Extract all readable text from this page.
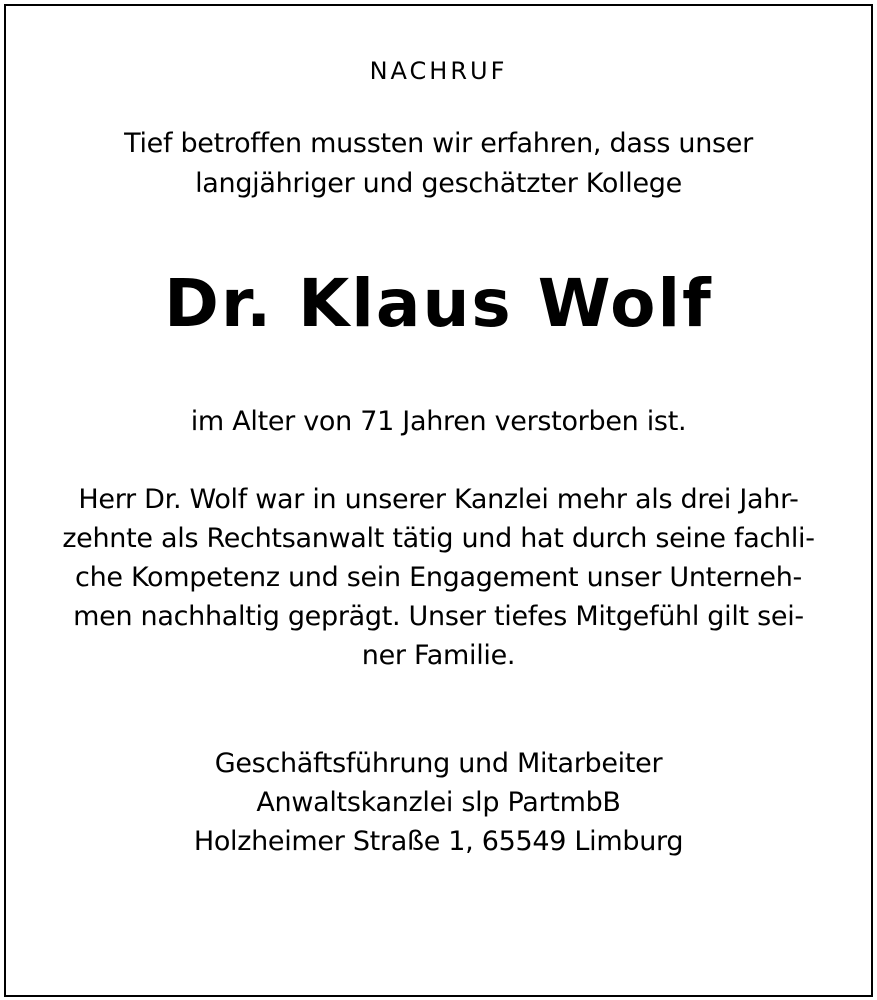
NACHRUF
Tief betroffen mussten wir erfahren, dass unser
langjähriger und geschätzter Kollege
Dr. Klaus Wolf
im Alter von 71 Jahren verstorben ist.
Herr Dr. Wolf war in unserer Kanzlei mehr als drei Jahr-
zehnte als Rechtsanwalt tätig und hat durch seine fachli-
che Kompetenz und sein Engagement unser Unterneh-
men nachhaltig geprägt. Unser tiefes Mitgefühl gilt sei-
ner Familie.
Geschäftsführung und Mitarbeiter
Anwaltskanzlei slp PartmbB
Holzheimer Straße 1, 65549 Limburg
